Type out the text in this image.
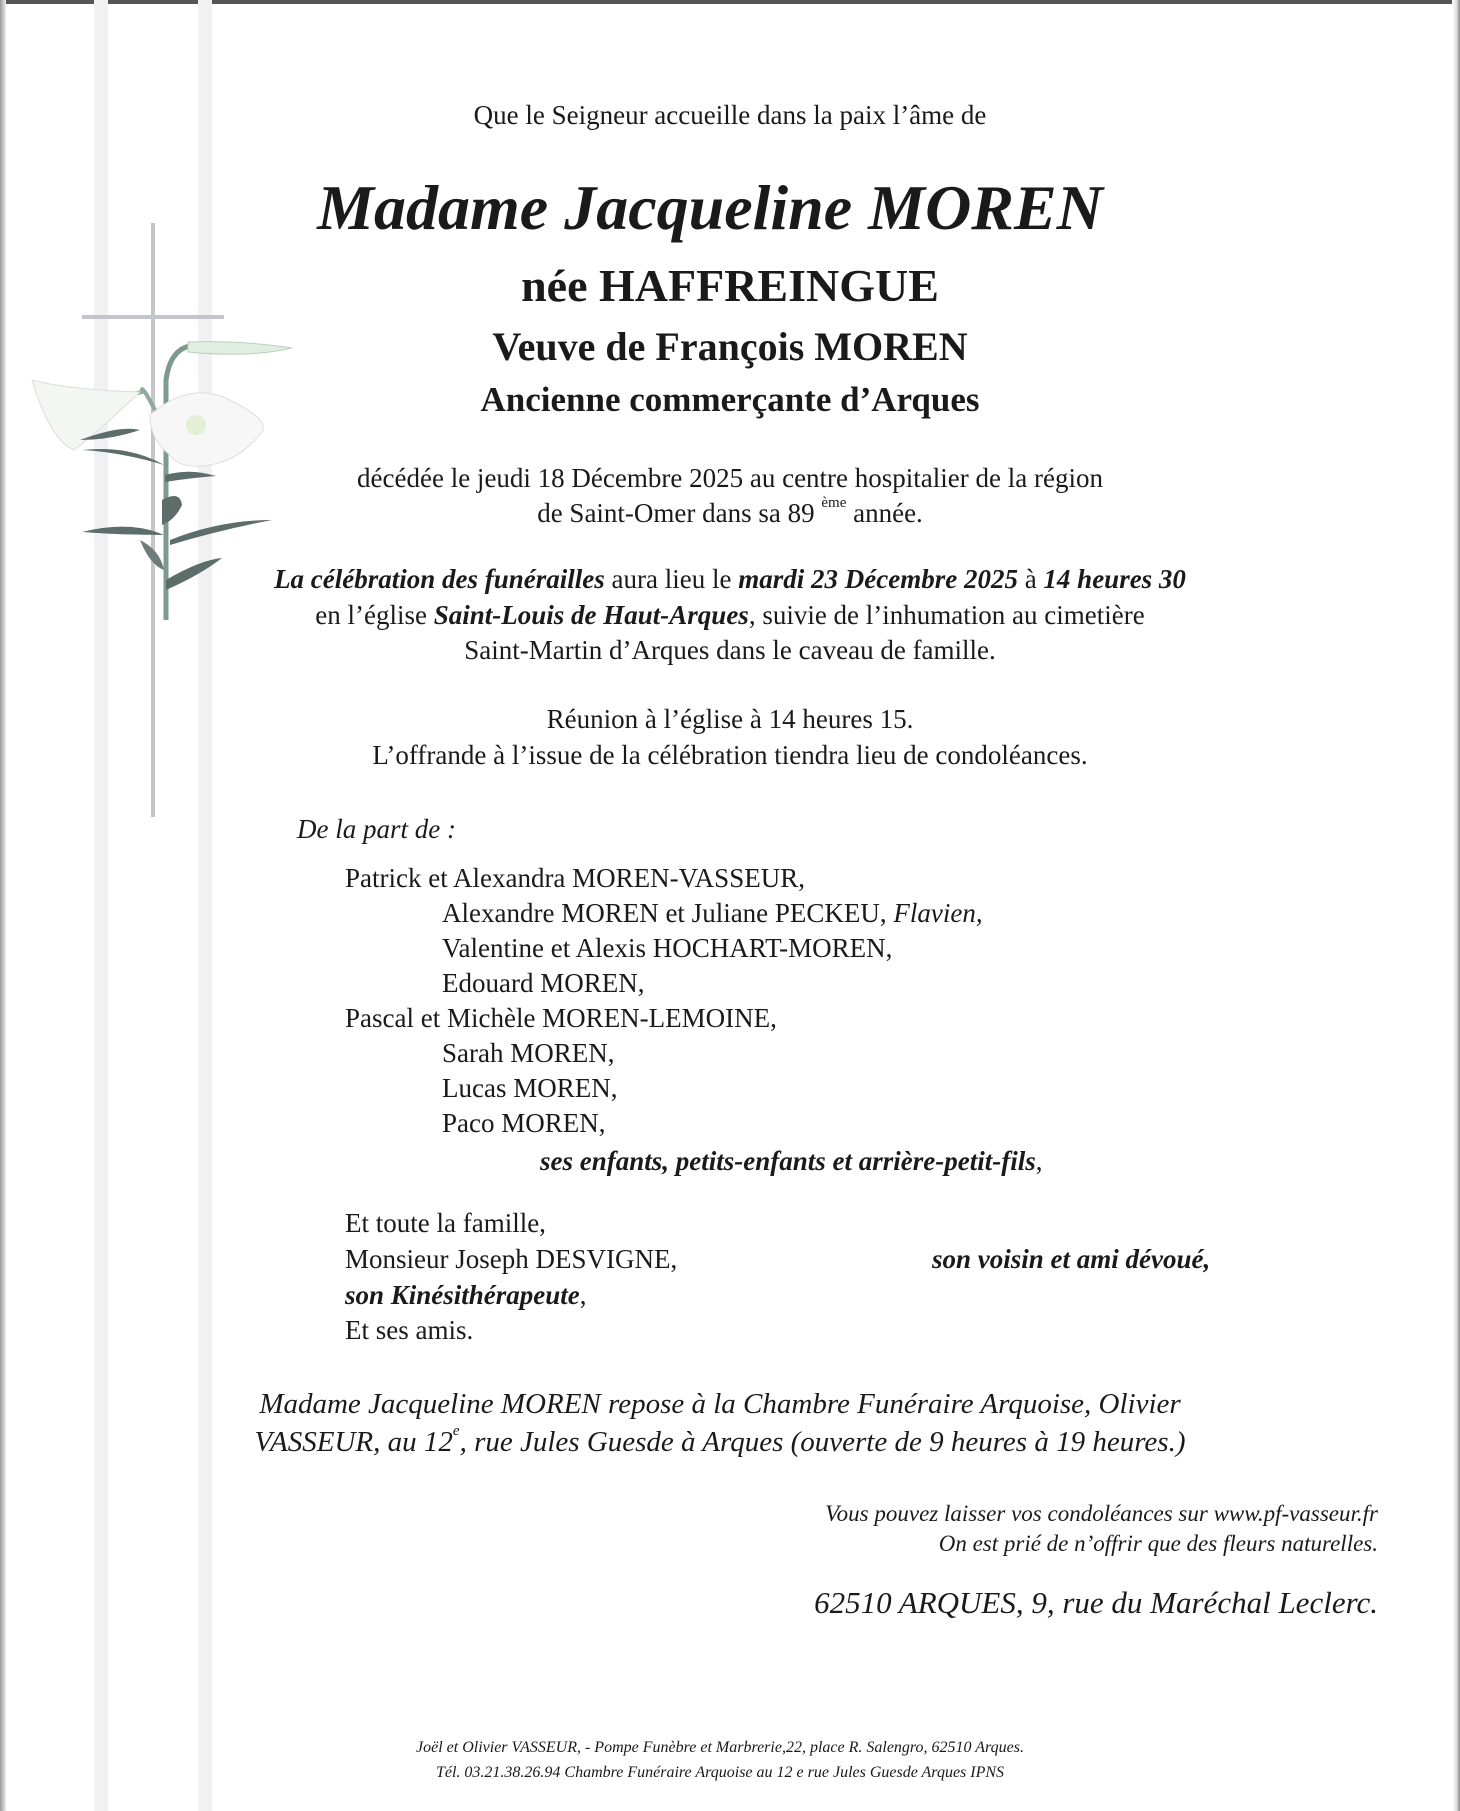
Que le Seigneur accueille dans la paix l’âme de
Madame Jacqueline MOREN
née HAFFREINGUE
Veuve de François MOREN
Ancienne commerçante d’Arques
décédée le jeudi 18 Décembre 2025 au centre hospitalier de la région
de Saint-Omer dans sa 89 $^{ème}$ année.
La célébration des funérailles aura lieu le mardi 23 Décembre 2025 à 14 heures 30
en l’église Saint-Louis de Haut-Arques, suivie de l’inhumation au cimetière
Saint-Martin d’Arques dans le caveau de famille.
Réunion à l’église à 14 heures 15.
L’offrande à l’issue de la célébration tiendra lieu de condoléances.
De la part de :
Patrick et Alexandra MOREN-VASSEUR,
Alexandre MOREN et Juliane PECKEU, Flavien,
Valentine et Alexis HOCHART-MOREN,
Edouard MOREN,
Pascal et Michèle MOREN-LEMOINE,
Sarah MOREN,
Lucas MOREN,
Paco MOREN,
ses enfants, petits-enfants et arrière-petit-fils,
Et toute la famille,
Monsieur Joseph DESVIGNE,	son voisin et ami dévoué,
son Kinésithérapeute,
Et ses amis.
Madame Jacqueline MOREN repose à la Chambre Funéraire Arquoise, Olivier
VASSEUR, au 12e, rue Jules Guesde à Arques (ouverte de 9 heures à 19 heures.)
Vous pouvez laisser vos condoléances sur www.pf-vasseur.fr
On est prié de n’offrir que des fleurs naturelles.
62510 ARQUES, 9, rue du Maréchal Leclerc.
Joël et Olivier VASSEUR, - Pompe Funèbre et Marbrerie,22, place R. Salengro, 62510 Arques.
Tél. 03.21.38.26.94 Chambre Funéraire Arquoise au 12 e rue Jules Guesde Arques IPNS
